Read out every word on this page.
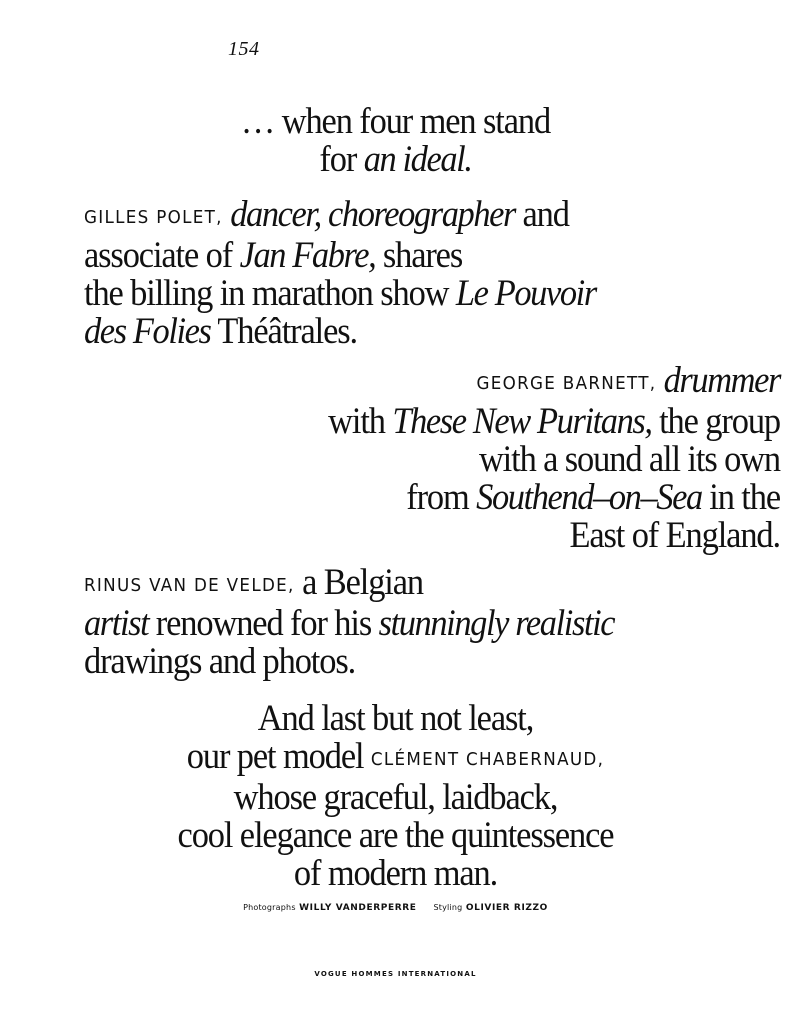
154
… when four men stand
for an ideal.
GILLES POLET, dancer, choreographer and
associate of Jan Fabre, shares
the billing in marathon show Le Pouvoir
des Folies Théâtrales.
GEORGE BARNETT, drummer
with These New Puritans, the group
with a sound all its own
from Southend–on–Sea in the
East of England.
RINUS VAN DE VELDE, a Belgian
artist renowned for his stunningly realistic
drawings and photos.
And last but not least,
our pet model CLÉMENT CHABERNAUD,
whose graceful, laidback,
cool elegance are the quintessence
of modern man.
Photographs WILLY VANDERPERRE Styling OLIVIER RIZZO
VOGUE HOMMES INTERNATIONAL
